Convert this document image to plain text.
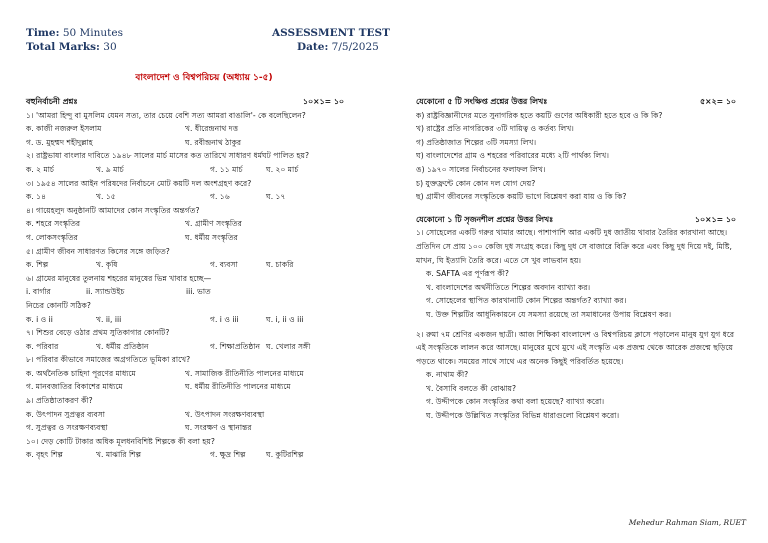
Time: 50 Minutes
Total Marks: 30
ASSESSMENT TEST
Date: 7/5/2025
বাংলাদেশ ও বিশ্বপরিচয় (অধ্যায় ১-৫)
বহুনির্বাচনী প্রশ্নঃ	১০×১= ১০
১। 'আমরা হিন্দু বা মুসলিম যেমন সত্য, তার চেয়ে বেশি সত্য আমরা বাঙালি'- কে বলেছিলেন?
ক. কাজী নজরুল ইসলাম	খ. ধীরেন্দ্রনাথ দত্ত
গ. ড. মুহম্মদ শহীদুল্লাহ	ঘ. রবীন্দ্রনাথ ঠাকুর
২। রাষ্ট্রভাষা বাংলার দাবিতে ১৯৪৮ সালের মার্চ মাসের কত তারিখে সাধারণ ধর্মঘট পালিত হয়?
ক. ২ মার্চ	খ. ৯ মার্চ	গ. ১১ মার্চ	ঘ. ২০ মার্চ
৩। ১৯৫৪ সালের আইন পরিষদের নির্বাচনে মোট কয়টি দল অংশগ্রহণ করে?
ক. ১৪	খ. ১৫	গ. ১৬	ঘ. ১৭
৪। গায়েহলুদ অনুষ্ঠানটি আমাদের কোন সংস্কৃতির অন্তর্গত?
ক. শহরে সংস্কৃতির	খ. গ্রামীণ সংস্কৃতির
গ. লোকসংস্কৃতির	ঘ. ধর্মীয় সংস্কৃতির
৫। গ্রামীণ জীবন সাধারণত কিসের সঙ্গে জড়িত?
ক. শিল্প	খ. কৃষি	গ. ব্যবসা	ঘ. চাকরি
৬। গ্রামের মানুষের তুলনায় শহরের মানুষের ভিন্ন খাবার হচ্ছে—
i. বার্গার	ii. স্যান্ডউইচ	iii. ভাত
নিচের কোনটি সঠিক?
ক. i ও ii	খ. ii, iii	গ. i ও iii	ঘ. i, ii ও iii
৭। শিশুর বেড়ে ওঠার প্রথম সুতিকাগার কোনটি?
ক. পরিবার	খ. ধর্মীয় প্রতিষ্ঠান	গ. শিক্ষাপ্রতিষ্ঠান ঘ. খেলার সঙ্গী
৮। পরিবার কীভাবে সমাজের অগ্রগতিতে ভূমিকা রাখে?
ক. অর্থনৈতিক চাহিদা পূরণের মাধ্যমে	খ. সামাজিক রীতিনীতি পালনের মাধ্যমে
গ. মানবজাতির বিকাশের মাধ্যমে	ঘ. ধর্মীয় রীতিনীতি পালনের মাধ্যমে
৯। প্রতিষ্ঠাতাকরণ কী?
ক. উৎপাদন সুপ্রত্বর ব্যবসা	খ. উৎপাদন সংরক্ষণব্যবস্থা
গ. সুপ্রত্বর ও সংরক্ষণব্যবস্থা	ঘ. সংরক্ষণ ও স্থানান্তর
১০। দেড় কোটি টাকার অধিক মূলধনবিশিষ্ট শিল্পকে কী বলা হয়?
ক. বৃহৎ শিল্প	খ. মাঝারি শিল্প	গ. ক্ষুদ্র শিল্প	ঘ. কুটিরশিল্প
যেকোনো ৫ টি সংক্ষিপ্ত প্রশ্নের উত্তর লিখঃ	৫×২= ১০
ক) রাষ্ট্রবিজ্ঞানীদের মতে সুনাগরিক হতে কয়টি গুণের অধিকারী হতে হবে ও কি কি?
খ) রাষ্ট্রের প্রতি নাগরিকের ৩টি দায়িত্ব ও কর্তব্য লিখ।
গ) প্রতিষ্ঠাজাত শিল্পের ৩টি সমস্যা লিখ।
ঘ) বাংলাদেশের গ্রাম ও শহরের পরিবারের মধ্যে ২টি পার্থক্য লিখ।
ঙ) ১৯৭০ সালের নির্বাচনের ফলাফল লিখ।
চ) যুক্তফ্রন্টে কোন কোন দল যোগ দেয়?
ছ) গ্রামীণ জীবনের সংস্কৃতিকে কয়টি ভাগে বিশ্লেষণ করা যায় ও কি কি?
যেকোনো ১ টি সৃজনশীল প্রশ্নের উত্তর লিখঃ	১০×১= ১০
১। সোহেলের একটি গরুর খামার আছে। পাশাপাশি আর একটি দুধ জাতীয় খাবার তৈরির কারখানা আছে। প্রতিদিন সে প্রায় ১০০ কেজি দুধ সংগ্রহ করে। কিছু দুধ সে বাজারে বিক্রি করে এবং কিছু দুধ দিয়ে দই, মিষ্টি, মাখন, ঘি ইত্যাদি তৈরি করে। এতে সে খুব লাভবান হয়।
ক. SAFTA এর পূর্ণরূপ কী?
খ. বাংলাদেশের অর্থনীতিতে শিল্পের অবদান ব্যাখ্যা কর।
গ. সোহেলের স্থাপিত কারখানাটি কোন শিল্পের অন্তর্গত? ব্যাখ্যা কর।
ঘ. উক্ত শিল্পটির আধুনিকায়নে যে সমস্যা রয়েছে তা সমাধানের উপায় বিশ্লেষণ কর।
২। রুমা ৭ম শ্রেণির একজন ছাত্রী। আজ শিক্ষিকা বাংলাদেশ ও বিশ্বপরিচয় ক্লাসে পড়ালেন মানুষ যুগ যুগ ধরে এই সংস্কৃতিকে লালন করে আসছে। মানুষের মুখে মুখে এই সংস্কৃতি এক প্রজন্ম থেকে আরেক প্রজন্মে ছড়িয়ে পড়তে থাকে। সময়ের সাথে সাথে এর অনেক কিছুই পরিবর্তিত হয়েছে।
ক. নাথাম কী?
খ. বৈসাবি বলতে কী বোঝায়?
গ. উদ্দীপকে কোন সংস্কৃতির কথা বলা হয়েছে? ব্যাখ্যা করো।
ঘ. উদ্দীপকে উল্লিখিত সংস্কৃতির বিভিন্ন ধারাগুলো বিশ্লেষণ করো।
Mehedur Rahman Siam, RUET
